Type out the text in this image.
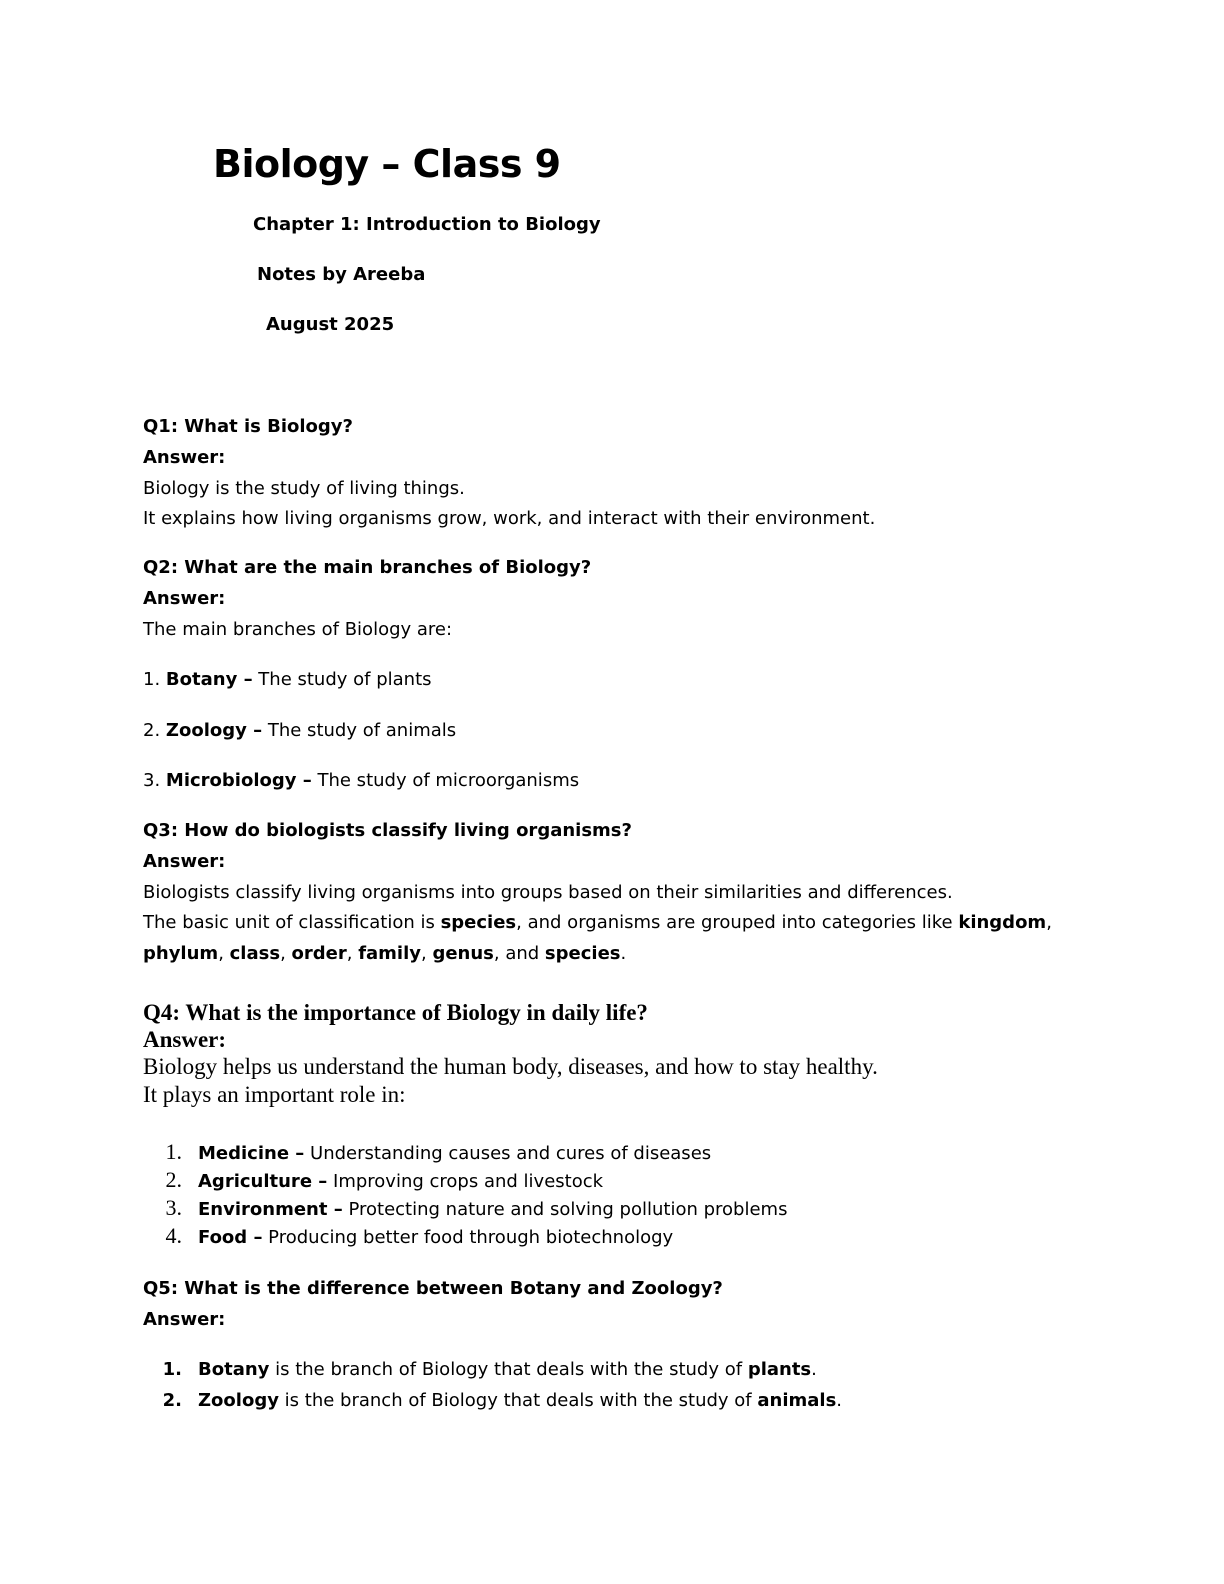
Biology – Class 9
Chapter 1: Introduction to Biology
Notes by Areeba
August 2025
Q1: What is Biology?
Answer:
Biology is the study of living things.
It explains how living organisms grow, work, and interact with their environment.
Q2: What are the main branches of Biology?
Answer:
The main branches of Biology are:
1. Botany – The study of plants
2. Zoology – The study of animals
3. Microbiology – The study of microorganisms
Q3: How do biologists classify living organisms?
Answer:
Biologists classify living organisms into groups based on their similarities and differences.
The basic unit of classification is species, and organisms are grouped into categories like kingdom,
phylum, class, order, family, genus, and species.
Q4: What is the importance of Biology in daily life?
Answer:
Biology helps us understand the human body, diseases, and how to stay healthy.
It plays an important role in:
1. Medicine – Understanding causes and cures of diseases
2. Agriculture – Improving crops and livestock
3. Environment – Protecting nature and solving pollution problems
4. Food – Producing better food through biotechnology
Q5: What is the difference between Botany and Zoology?
Answer:
1. Botany is the branch of Biology that deals with the study of plants.
2. Zoology is the branch of Biology that deals with the study of animals.
